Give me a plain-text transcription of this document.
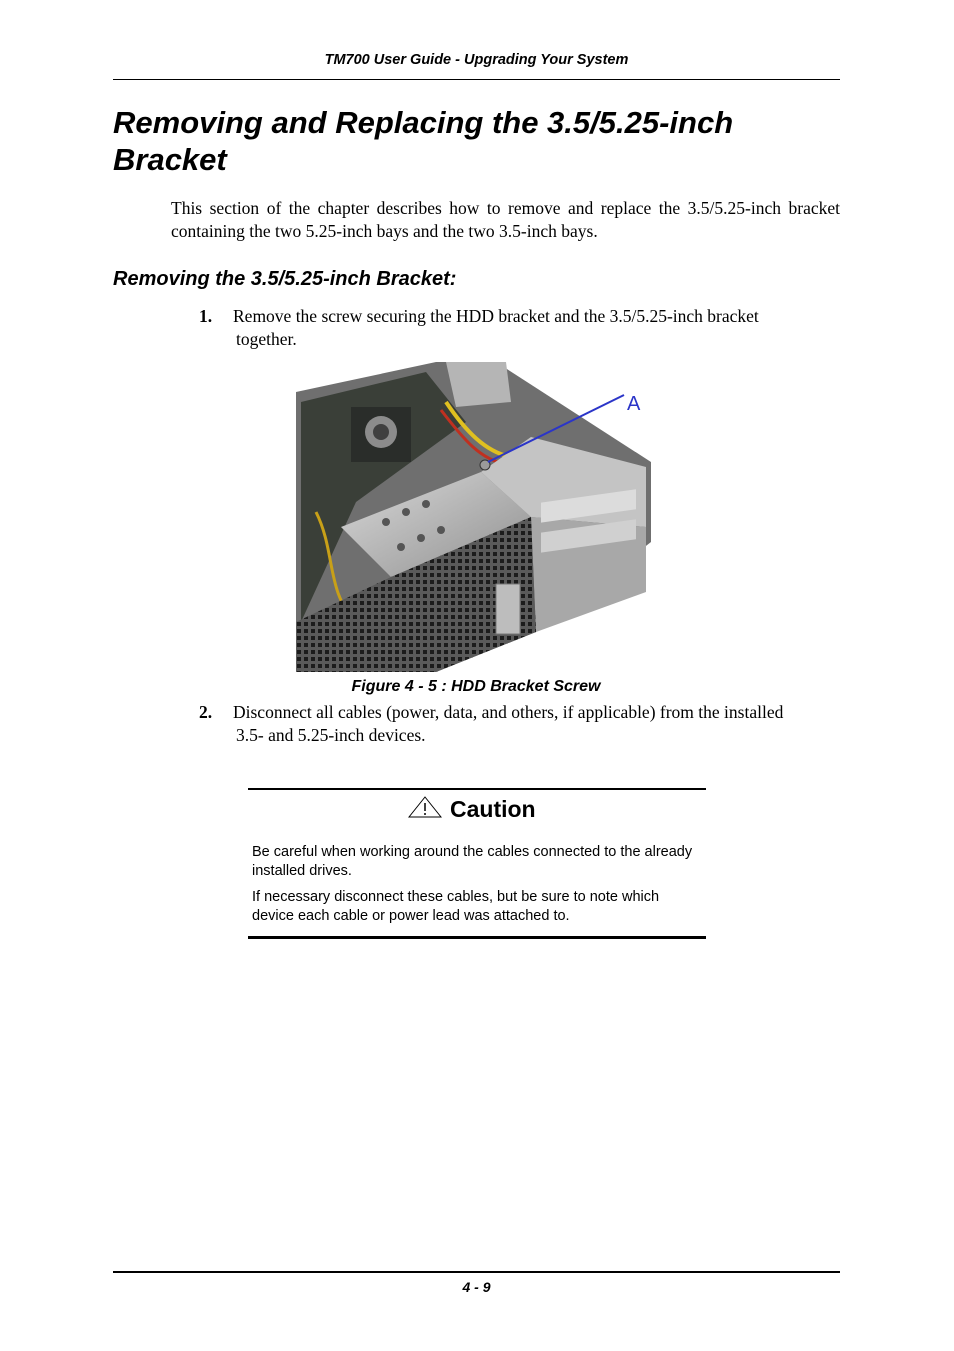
TM700 User Guide - Upgrading Your System
Removing and Replacing the 3.5/5.25-inch Bracket

This section of the chapter describes how to remove and replace the 3.5/5.25-inch bracket containing the two 5.25-inch bays and the two 3.5-inch bays.

Removing the 3.5/5.25-inch Bracket:
1.	Remove the screw securing the HDD bracket and the 3.5/5.25-inch bracket
together.

A
Figure 4 - 5 : HDD Bracket Screw
2.	Disconnect all cables (power, data, and others, if applicable) from the installed
3.5- and 5.25-inch devices.

Caution

Be careful when working around the cables connected to the already installed drives.

If necessary disconnect these cables, but be sure to note which device each cable or power lead was attached to.

4 - 9
